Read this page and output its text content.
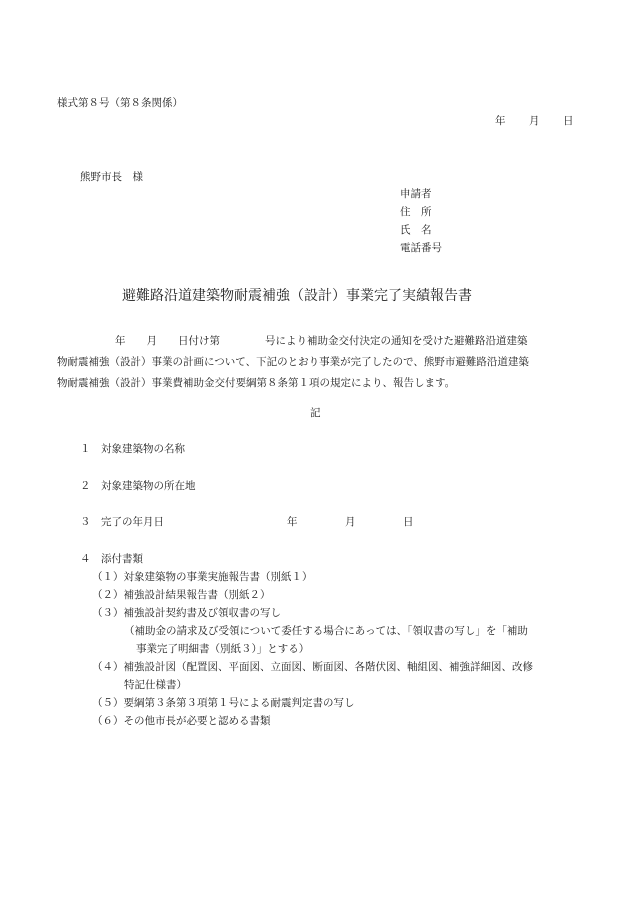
様式第８号（第８条関係）
年 月 日
熊野市長　様
申請者
住　所
氏　名
電話番号
避難路沿道建築物耐震補強（設計）事業完了実績報告書
年 月 日付け第	号により補助金交付決定の通知を受けた避難路沿道建築
物耐震補強（設計）事業の計画について、下記のとおり事業が完了したので、熊野市避難路沿道建築
物耐震補強（設計）事業費補助金交付要綱第８条第１項の規定により、報告します。
記
１　対象建築物の名称
２　対象建築物の所在地
３　完了の年月日	年	月	日
４　添付書類
（１）対象建築物の事業実施報告書（別紙１）
（２）補強設計結果報告書（別紙２）
（３）補強設計契約書及び領収書の写し
（補助金の請求及び受領について委任する場合にあっては、「領収書の写し」を「補助
事業完了明細書（別紙３）」とする）
（４）補強設計図（配置図、平面図、立面図、断面図、各階伏図、軸組図、補強詳細図、改修
特記仕様書）
（５）要綱第３条第３項第１号による耐震判定書の写し
（６）その他市長が必要と認める書類
